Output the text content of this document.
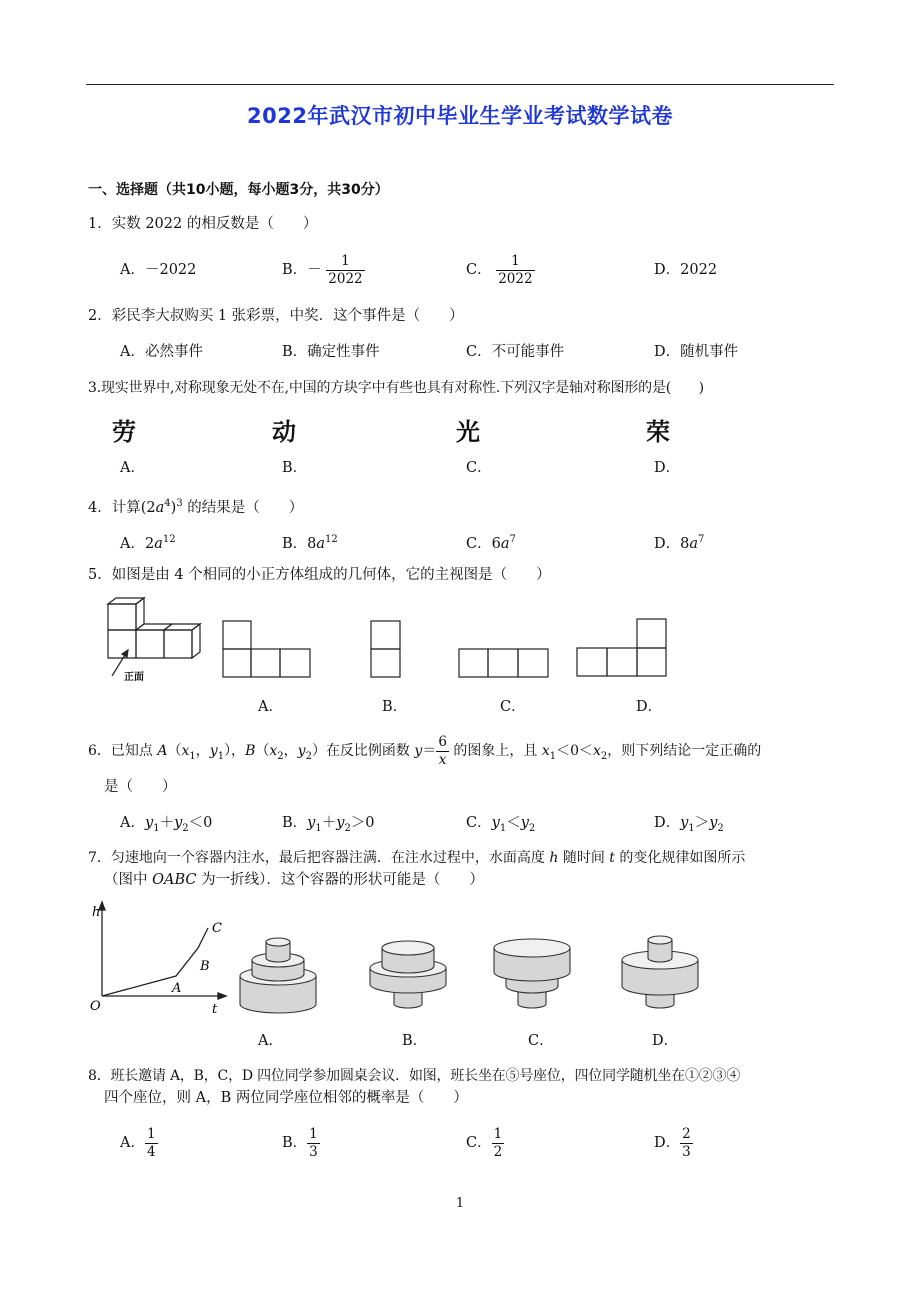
2022年武汉市初中毕业生学业考试数学试卷
一、选择题（共10小题，每小题3分，共30分）
1．实数 2022 的相反数是（　　）
A．－2022	B．－ $\frac{1}{2022}$	C． $\frac{1}{2022}$	D．2022
2．彩民李大叔购买 1 张彩票，中奖．这个事件是（　　）
A．必然事件	B．确定性事件	C．不可能事件	D．随机事件
3.现实世界中,对称现象无处不在,中国的方块字中有些也具有对称性.下列汉字是轴对称图形的是(　　)
劳	动	光	荣
A．	B．	C．	D．
4．计算$(2a^4)^3$ 的结果是（　　）
A．$2a^{12}$	B．$8a^{12}$	C．$6a^7$	D．$8a^7$
5．如图是由 4 个相同的小正方体组成的几何体，它的主视图是（　　）
正面
A．	B．	C．	D．
6．已知点 $A(x_1$，$y_1$），$B(x_2$，$y_2$）在反比例函数 $y= \frac{6}{x}$ 的图象上，且 $x_1<0<x_2$，则下列结论一定正确的
是（　　）
A．$y_1+y_2<0$	B．$y_1+y_2>0$	C．$y_1<y_2$	D．$y_1>y_2$
7．匀速地向一个容器内注水，最后把容器注满．在注水过程中，水面高度 h 随时间 t 的变化规律如图所示
（图中 OABC 为一折线）．这个容器的形状可能是（　　）
h
O	t
A
B
C
A．	B．	C．	D．
8．班长邀请 A，B，C，D 四位同学参加圆桌会议．如图，班长坐在⑤号座位，四位同学随机坐在①②③④
四个座位，则 A，B 两位同学座位相邻的概率是（　　）
A． $\frac{1}{4}$	B． $\frac{1}{3}$	C． $\frac{1}{2}$	D． $\frac{2}{3}$
1
